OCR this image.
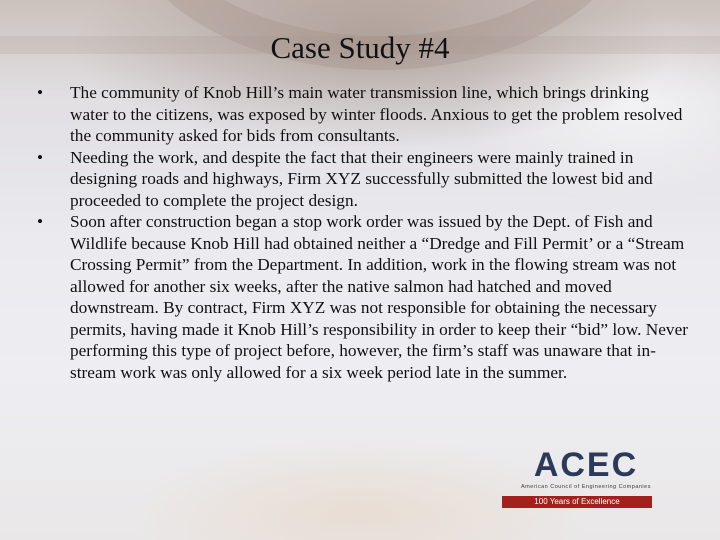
Case Study #4
•	The community of Knob Hill’s main water transmission line, which brings drinking water to the citizens, was exposed by winter floods. Anxious to get the problem resolved the community asked for bids from consultants.
•	Needing the work, and despite the fact that their engineers were mainly trained in designing roads and highways, Firm XYZ successfully submitted the lowest bid and proceeded to complete the project design.
•	Soon after construction began a stop work order was issued by the Dept. of Fish and Wildlife because Knob Hill had obtained neither a “Dredge and Fill Permit’ or a “Stream Crossing Permit” from the Department. In addition, work in the flowing stream was not allowed for another six weeks, after the native salmon had hatched and moved downstream. By contract, Firm XYZ was not responsible for obtaining the necessary permits, having made it Knob Hill’s responsibility in order to keep their “bid” low. Never performing this type of project before, however, the firm’s staff was unaware that in-stream work was only allowed for a six week period late in the summer.
ACEC
American Council of Engineering Companies
100 Years of Excellence
